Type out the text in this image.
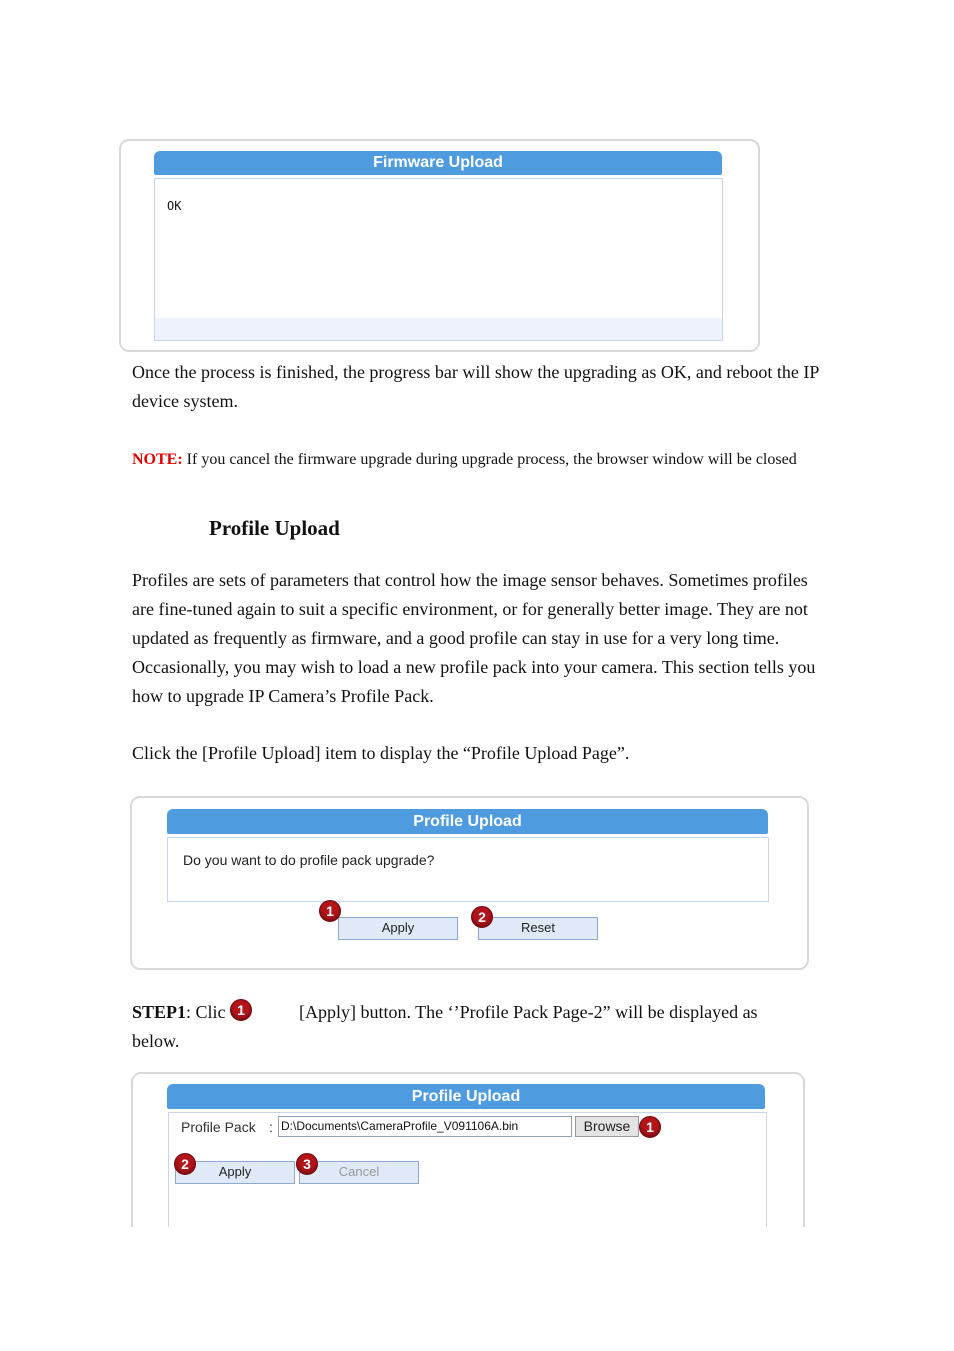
Firmware Upload
OK
Once the process is finished, the progress bar will show the upgrading as OK, and reboot the IP device system.
NOTE: If you cancel the firmware upgrade during upgrade process, the browser window will be closed
Profile Upload
Profiles are sets of parameters that control how the image sensor behaves. Sometimes profiles are fine-tuned again to suit a specific environment, or for generally better image. They are not updated as frequently as firmware, and a good profile can stay in use for a very long time. Occasionally, you may wish to load a new profile pack into your camera. This section tells you how to upgrade IP Camera’s Profile Pack.
Click the [Profile Upload] item to display the “Profile Upload Page”.
Profile Upload
Do you want to do profile pack upgrade?
Apply	Reset
1	2
STEP1: Clic 1	[Apply] button. The ‘’Profile Pack Page-2” will be displayed as
below.
Profile Upload
Profile Pack : D:\Documents\CameraProfile_V091106A.bin	Browse	1
Apply	Cancel
2	3
